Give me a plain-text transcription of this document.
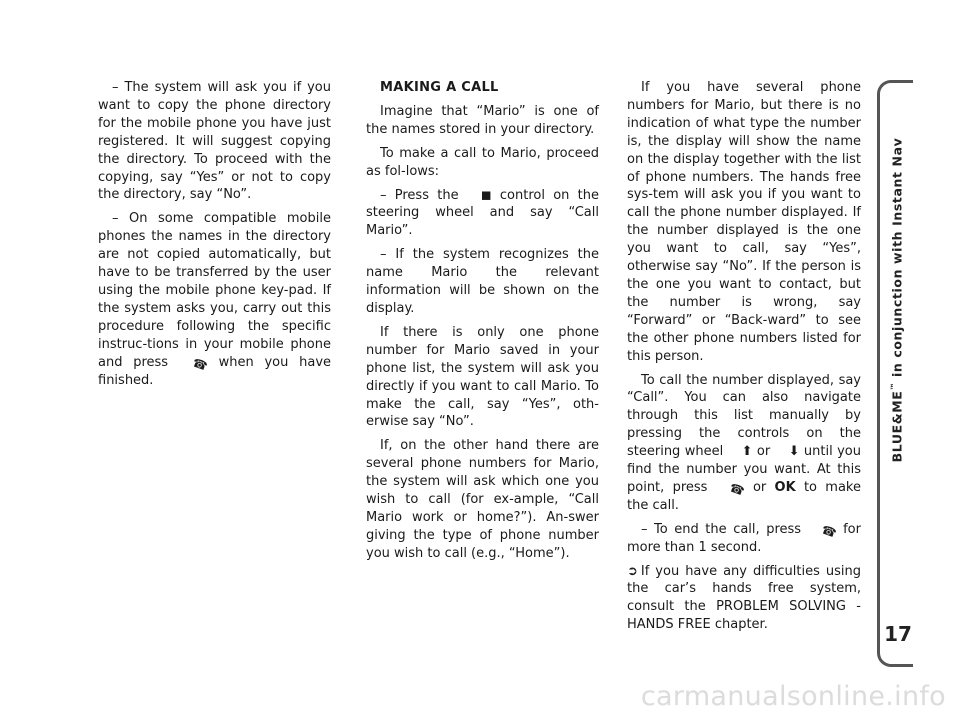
– The system will ask you if you want to copy the phone directory for the mobile phone you have just registered. It will suggest copying the directory. To proceed with the copying, say “Yes” or not to copy the directory, say “No”.

– On some compatible mobile phones the names in the directory are not copied automatically, but have to be transferred by the user using the mobile phone key-pad. If the system asks you, carry out this procedure following the specific instruc-tions in your mobile phone and press ☎ when you have finished.

MAKING A CALL

Imagine that “Mario” is one of the names stored in your directory.

To make a call to Mario, proceed as fol-lows:

– Press the ◼ control on the steering wheel and say “Call Mario”.

– If the system recognizes the name Mario the relevant information will be shown on the display.

If there is only one phone number for Mario saved in your phone list, the system will ask you directly if you want to call Mario. To make the call, say “Yes”, oth-erwise say “No”.

If, on the other hand there are several phone numbers for Mario, the system will ask which one you wish to call (for ex-ample, “Call Mario work or home?”). An-swer giving the type of phone number you wish to call (e.g., “Home”).

If you have several phone numbers for Mario, but there is no indication of what type the number is, the display will show the name on the display together with the list of phone numbers. The hands free sys-tem will ask you if you want to call the phone number displayed. If the number displayed is the one you want to call, say “Yes”, otherwise say “No”. If the person is the one you want to contact, but the number is wrong, say “Forward” or “Back-ward” to see the other phone numbers listed for this person.

To call the number displayed, say “Call”. You can also navigate through this list manually by pressing the controls on the steering wheel ⬆ or ⬇ until you find the number you want. At this point, press ☎ or OK to make the call.

– To end the call, press ☎ for more than 1 second.

➲ If you have any difficulties using the car’s hands free system, consult the PROBLEM SOLVING - HANDS FREE chapter.

BLUE&ME™ in conjunction with Instant Nav
17
carmanualsonline.info
